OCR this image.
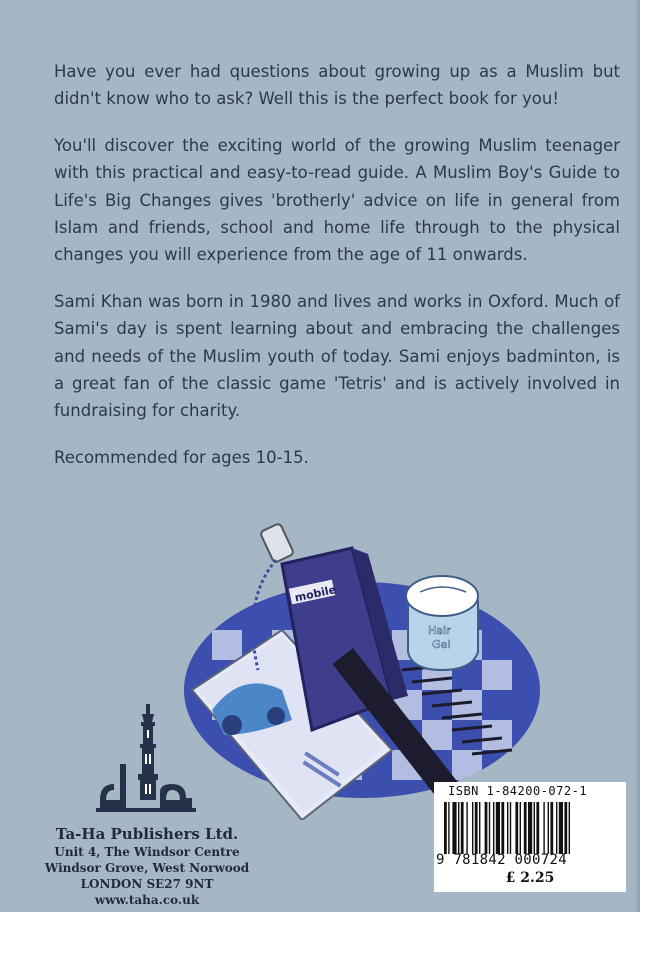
Have you ever had questions about growing up as a Muslim but didn't know who to ask? Well this is the perfect book for you!

You'll discover the exciting world of the growing Muslim teenager with this practical and easy-to-read guide. A Muslim Boy's Guide to Life's Big Changes gives 'brotherly' advice on life in general from Islam and friends, school and home life through to the physical changes you will experience from the age of 11 onwards.

Sami Khan was born in 1980 and lives and works in Oxford. Much of Sami's day is spent learning about and embracing the challenges and needs of the Muslim youth of today. Sami enjoys badminton, is a great fan of the classic game 'Tetris' and is actively involved in fundraising for charity.

Recommended for ages 10-15.

mobile
Hair
Gel
Ta-Ha Publishers Ltd.
Unit 4, The Windsor Centre
Windsor Grove, West Norwood
LONDON SE27 9NT
www.taha.co.uk
ISBN 1-84200-072-1
9 781842 000724
£ 2.25
